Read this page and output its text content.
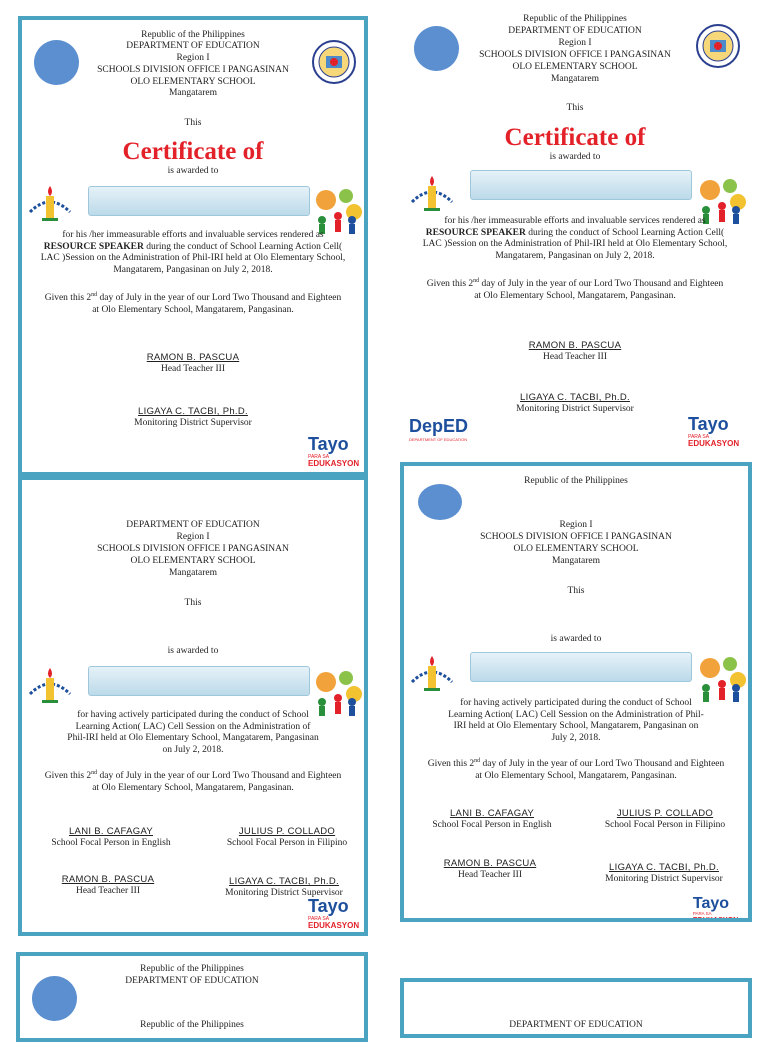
Republic of the Philippines
DEPARTMENT OF EDUCATION
Region I
SCHOOLS DIVISION OFFICE I PANGASINAN
OLO ELEMENTARY SCHOOL
Mangatarem
This
Certificate of
is awarded to
for his /her immeasurable efforts and invaluable services rendered as RESOURCE SPEAKER during the conduct of School Learning Action Cell( LAC )Session on the Administration of Phil-IRI held at Olo Elementary School, Mangatarem, Pangasinan on July 2, 2018.
Given this 2nd day of July in the year of our Lord Two Thousand and Eighteen at Olo Elementary School, Mangatarem, Pangasinan.
RAMON B. PASCUA
Head Teacher III
LIGAYA C. TACBI, Ph.D.
Monitoring District Supervisor
Tayo
PARA SA
EDUKASYON
Republic of the Philippines
DEPARTMENT OF EDUCATION
Region I
SCHOOLS DIVISION OFFICE I PANGASINAN
OLO ELEMENTARY SCHOOL
Mangatarem
This
Certificate of
is awarded to
for his /her immeasurable efforts and invaluable services rendered as RESOURCE SPEAKER during the conduct of School Learning Action Cell( LAC )Session on the Administration of Phil-IRI held at Olo Elementary School, Mangatarem, Pangasinan on July 2, 2018.
Given this 2nd day of July in the year of our Lord Two Thousand and Eighteen at Olo Elementary School, Mangatarem, Pangasinan.
RAMON B. PASCUA
Head Teacher III
LIGAYA C. TACBI, Ph.D.
Monitoring District Supervisor
DepED
DEPARTMENT OF EDUCATION
Tayo
PARA SA
EDUKASYON
DEPARTMENT OF EDUCATION
Region I
SCHOOLS DIVISION OFFICE I PANGASINAN
OLO ELEMENTARY SCHOOL
Mangatarem
This
is awarded to
for having actively participated during the conduct of School Learning Action( LAC) Cell Session on the Administration of Phil-IRI held at Olo Elementary School, Mangatarem, Pangasinan on July 2, 2018.
Given this 2nd day of July in the year of our Lord Two Thousand and Eighteen at Olo Elementary School, Mangatarem, Pangasinan.
LANI B. CAFAGAY
School Focal Person in English
JULIUS P. COLLADO
School Focal Person in Filipino
RAMON B. PASCUA
Head Teacher III
LIGAYA C. TACBI, Ph.D.
Monitoring District Supervisor
Tayo
PARA SA
EDUKASYON
Republic of the Philippines
Region I
SCHOOLS DIVISION OFFICE I PANGASINAN
OLO ELEMENTARY SCHOOL
Mangatarem
This
is awarded to
for having actively participated during the conduct of School Learning Action( LAC) Cell Session on the Administration of Phil-IRI held at Olo Elementary School, Mangatarem, Pangasinan on July 2, 2018.
Given this 2nd day of July in the year of our Lord Two Thousand and Eighteen at Olo Elementary School, Mangatarem, Pangasinan.
LANI B. CAFAGAY
School Focal Person in English
JULIUS P. COLLADO
School Focal Person in Filipino
RAMON B. PASCUA
Head Teacher III
LIGAYA C. TACBI, Ph.D.
Monitoring District Supervisor
Tayo
PARA SA
EDUKASYON
Republic of the Philippines
DEPARTMENT OF EDUCATION
Republic of the Philippines	DEPARTMENT OF EDUCATION
